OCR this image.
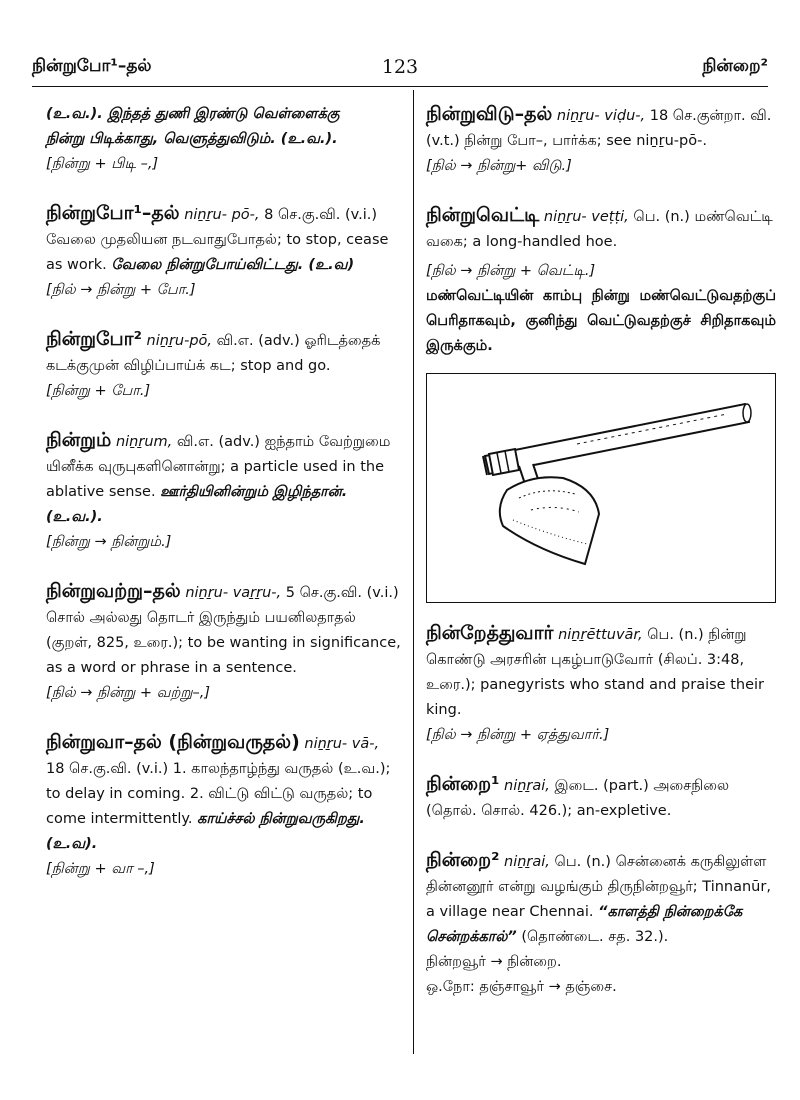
நின்றுபோ¹–தல்	123	நின்றை²

(உ.வ.). இந்தத் துணி இரண்டு வெள்ளைக்கு

நின்று பிடிக்காது, வெளுத்துவிடும். (உ.வ.).

[நின்று + பிடி –,]

நின்றுபோ¹–தல் niṉṟu- pō-, 8 செ.கு.வி. (v.i.) வேலை முதலியன நடவாதுபோதல்; to stop, cease as work. வேலை நின்றுபோய்விட்டது. (உ.வ)

[நில் → நின்று + போ.]

நின்றுபோ² niṉṟu-pō, வி.எ. (adv.) ஓரிடத்தைக் கடக்குமுன் விழிப்பாய்க் கட; stop and go.

[நின்று + போ.]

நின்றும் niṉṟum, வி.எ. (adv.) ஐந்தாம் வேற்றுமை யினீக்க வுருபுகளினொன்று; a particle used in the ablative sense. ஊர்தியினின்றும் இழிந்தான். (உ.வ.).

[நின்று → நின்றும்.]

நின்றுவற்று–தல் niṉṟu- vaṟṟu-, 5 செ.கு.வி. (v.i.) சொல் அல்லது தொடர் இருந்தும் பயனிலதாதல் (குறள், 825, உரை.); to be wanting in significance, as a word or phrase in a sentence.

[நில் → நின்று + வற்று–,]

நின்றுவா–தல் (நின்றுவருதல்) niṉṟu- vā-, 18 செ.கு.வி. (v.i.) 1. காலந்தாழ்ந்து வருதல் (உ.வ.); to delay in coming. 2. விட்டு விட்டு வருதல்; to come intermittently. காய்ச்சல் நின்றுவருகிறது. (உ.வ).

[நின்று + வா –,]

நின்றுவிடு–தல் niṉṟu- viḍu-, 18 செ.குன்றா. வி. (v.t.) நின்று போ–, பார்க்க; see niṉṟu-pō-.

[நில் → நின்று+ விடு.]

நின்றுவெட்டி niṉṟu- veṭṭi, பெ. (n.) மண்வெட்டி வகை; a long-handled hoe.

[நில் → நின்று + வெட்டி.]

மண்வெட்டியின் காம்பு நின்று மண்வெட்டுவதற்குப் பெரிதாகவும், குனிந்து வெட்டுவதற்குச் சிறிதாகவும் இருக்கும்.

நின்றேத்துவார் niṉṟēttuvār, பெ. (n.) நின்று கொண்டு அரசரின் புகழ்பாடுவோர் (சிலப். 3:48, உரை.); panegyrists who stand and praise their king.

[நில் → நின்று + ஏத்துவார்.]

நின்றை¹ niṉṟai, இடை. (part.) அசைநிலை (தொல். சொல். 426.); an-expletive.

நின்றை² niṉṟai, பெ. (n.) சென்னைக் கருகிலுள்ள தின்னனூர் என்று வழங்கும் திருநின்றவூர்; Tinnanūr, a village near Chennai. “காளத்தி நின்றைக்கே சென்றக்கால்” (தொண்டை. சத. 32.).

நின்றவூர் → நின்றை.

ஒ.நோ: தஞ்சாவூர் → தஞ்சை.
